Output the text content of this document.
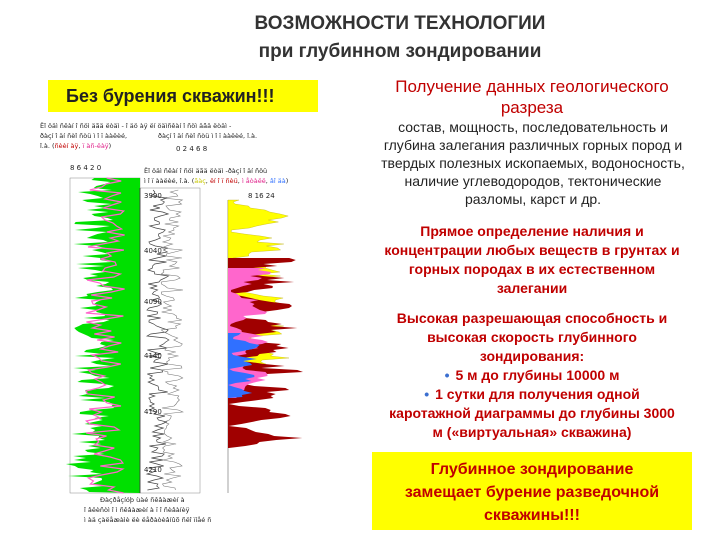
ВОЗМОЖНОСТИ ТЕХНОЛОГИИ
при глубинном зондировании
Без бурения скважин!!!
Ëî öäì ñêàí î ñöì äãä ëòäì - î äö àÿ ëí öäìñêàí î ñöì äãä ëòäì -
ðàçí î äí ñèî ñòü ì î ï ààëèé,
î.à. (ñèèí àÿ, ï àñ-ëàÿ)
ðàçí î äí ñèî ñòü ì î ï ààëèé, î.à.
8 6 4 2 0
0 2 4 6 8
Ëî öäì ñêàí î ñöì äãä ëòäì -ðàçí î äí ñöü
ì î ï ààëèé, î.à. (ãàç, ëí î ï ñèü, ì åòàëë, âî äà)
8 16 24
3990
4040
4090
4140
4190
4210
Ðàçðåçíóþ ùàé ñêâàæèí à
î âëèñòì î ì ñêâàæèí à ï î ñèâàíèÿ
ì àä çàëåæàìè ëè ëåðàòèâíûõ ñëî ïíåé ñ
Получение данных геологического
разреза
состав, мощность, последовательность и
глубина залегания различных горных пород и
твердых полезных ископаемых, водоносность,
наличие углеводородов, тектонические
разломы, карст и др.
Прямое определение наличия и
концентрации любых веществ в грунтах и
горных породах в их естественном
залегании
Высокая разрешающая способность и
высокая скорость глубинного
зондирования:
• 5 м до глубины 10000 м
• 1 сутки для получения одной
каротажной диаграммы до глубины 3000
м («виртуальная» скважина)
Глубинное зондирование
замещает бурение разведочной
скважины!!!
